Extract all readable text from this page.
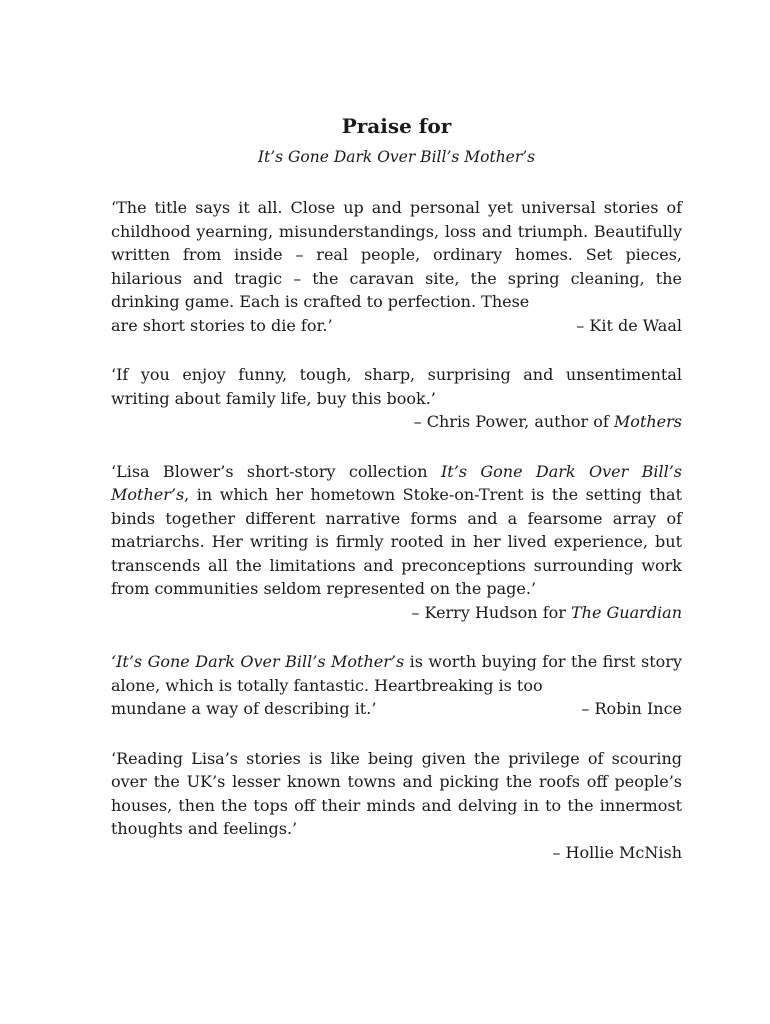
Praise for
It’s Gone Dark Over Bill’s Mother’s

‘The title says it all. Close up and personal yet universal stories of childhood yearning, misunderstandings, loss and triumph. Beautifully written from inside – real people, ordinary homes. Set pieces, hilarious and tragic – the caravan site, the spring cleaning, the drinking game. Each is crafted to perfection. These

are short stories to die for.’	– Kit de Waal

‘If you enjoy funny, tough, sharp, surprising and unsentimental writing about family life, buy this book.’

– Chris Power, author of Mothers

‘Lisa Blower’s short-story collection It’s Gone Dark Over Bill’s Mother’s, in which her hometown Stoke-on-Trent is the setting that binds together different narrative forms and a fearsome array of matriarchs. Her writing is firmly rooted in her lived experience, but transcends all the limitations and preconceptions surrounding work from communities seldom represented on the page.’

– Kerry Hudson for The Guardian

‘It’s Gone Dark Over Bill’s Mother’s is worth buying for the first story alone, which is totally fantastic. Heartbreaking is too

mundane a way of describing it.’	– Robin Ince

‘Reading Lisa’s stories is like being given the privilege of scouring over the UK’s lesser known towns and picking the roofs off people’s houses, then the tops off their minds and delving in to the innermost thoughts and feelings.’

– Hollie McNish
